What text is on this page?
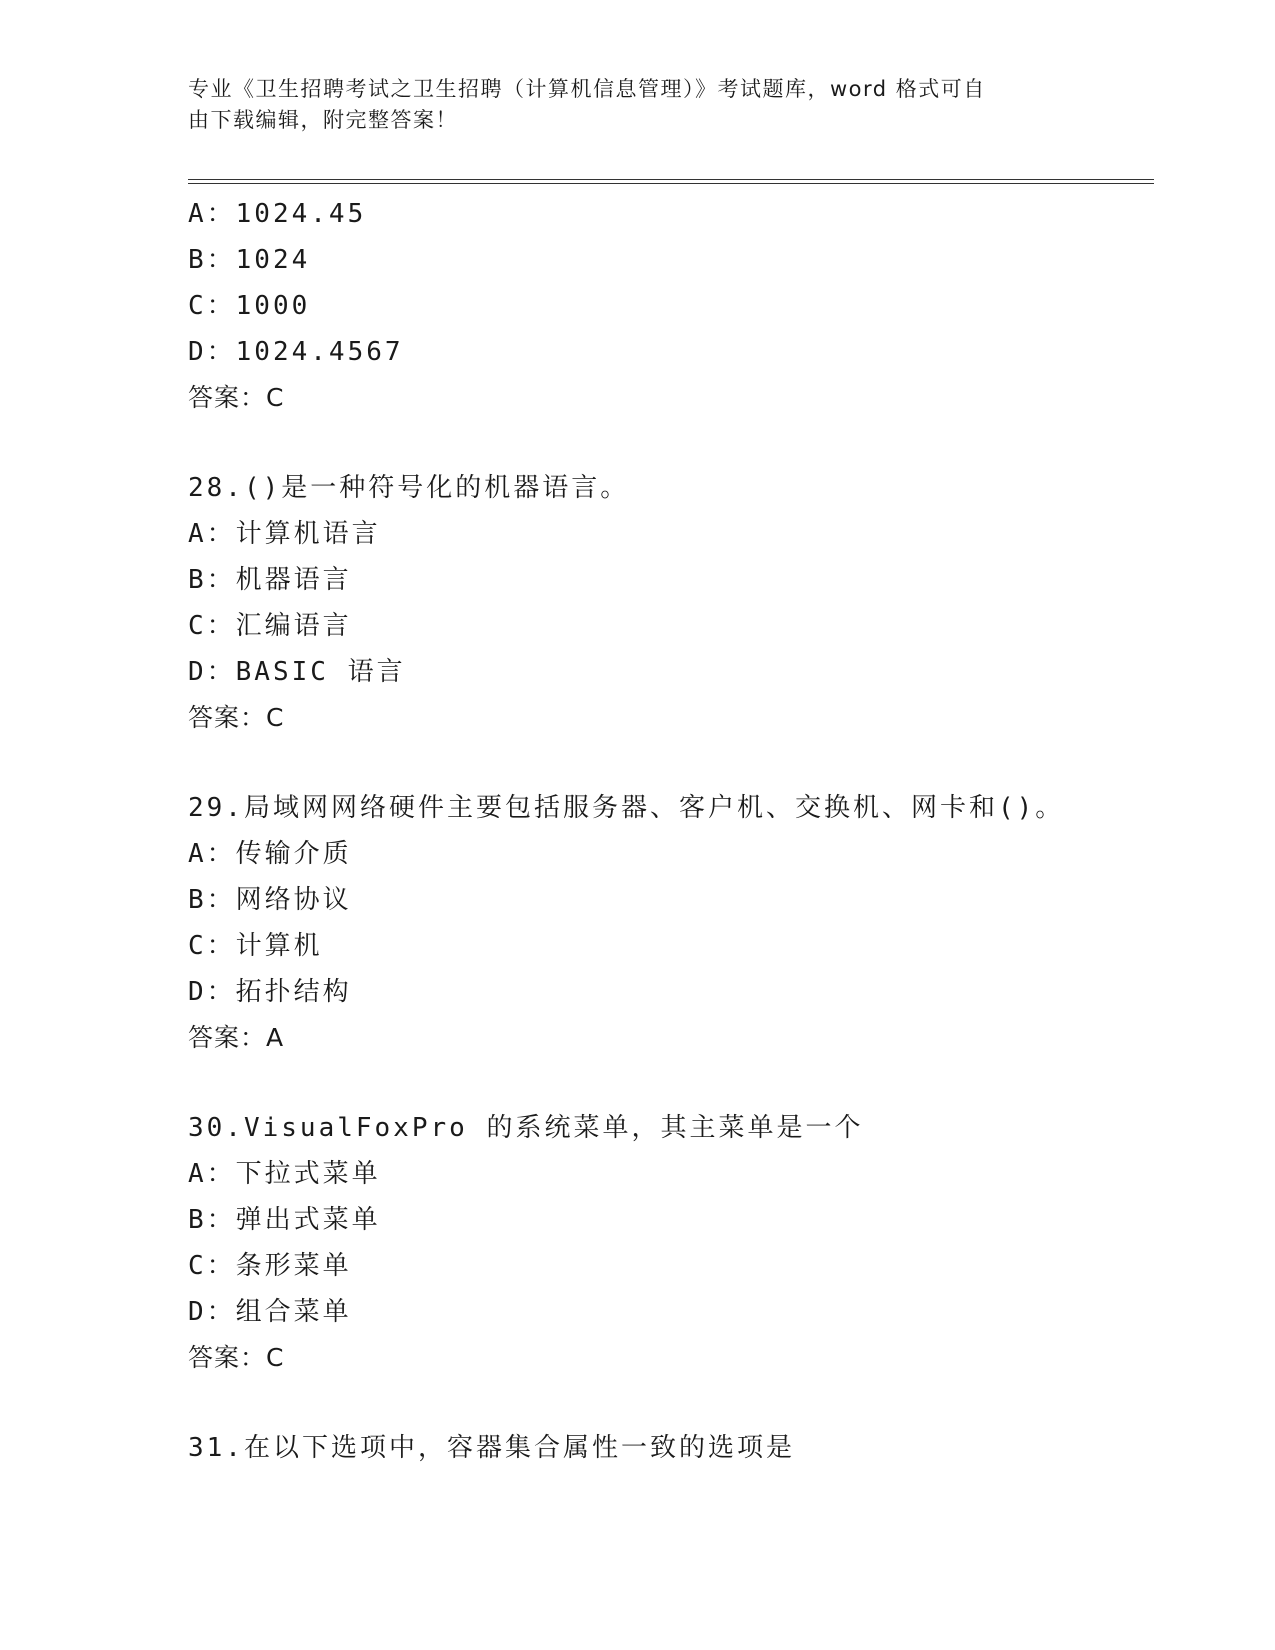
专业《卫生招聘考试之卫生招聘（计算机信息管理）》考试题库，word 格式可自
由下载编辑，附完整答案！
A：1024.45
B：1024
C：1000
D：1024.4567
答案：C
28.()是一种符号化的机器语言。
A：计算机语言
B：机器语言
C：汇编语言
D：BASIC 语言
答案：C
29.局域网网络硬件主要包括服务器、客户机、交换机、网卡和()。
A：传输介质
B：网络协议
C：计算机
D：拓扑结构
答案：A
30.VisualFoxPro 的系统菜单，其主菜单是一个
A：下拉式菜单
B：弹出式菜单
C：条形菜单
D：组合菜单
答案：C
31.在以下选项中，容器集合属性一致的选项是
